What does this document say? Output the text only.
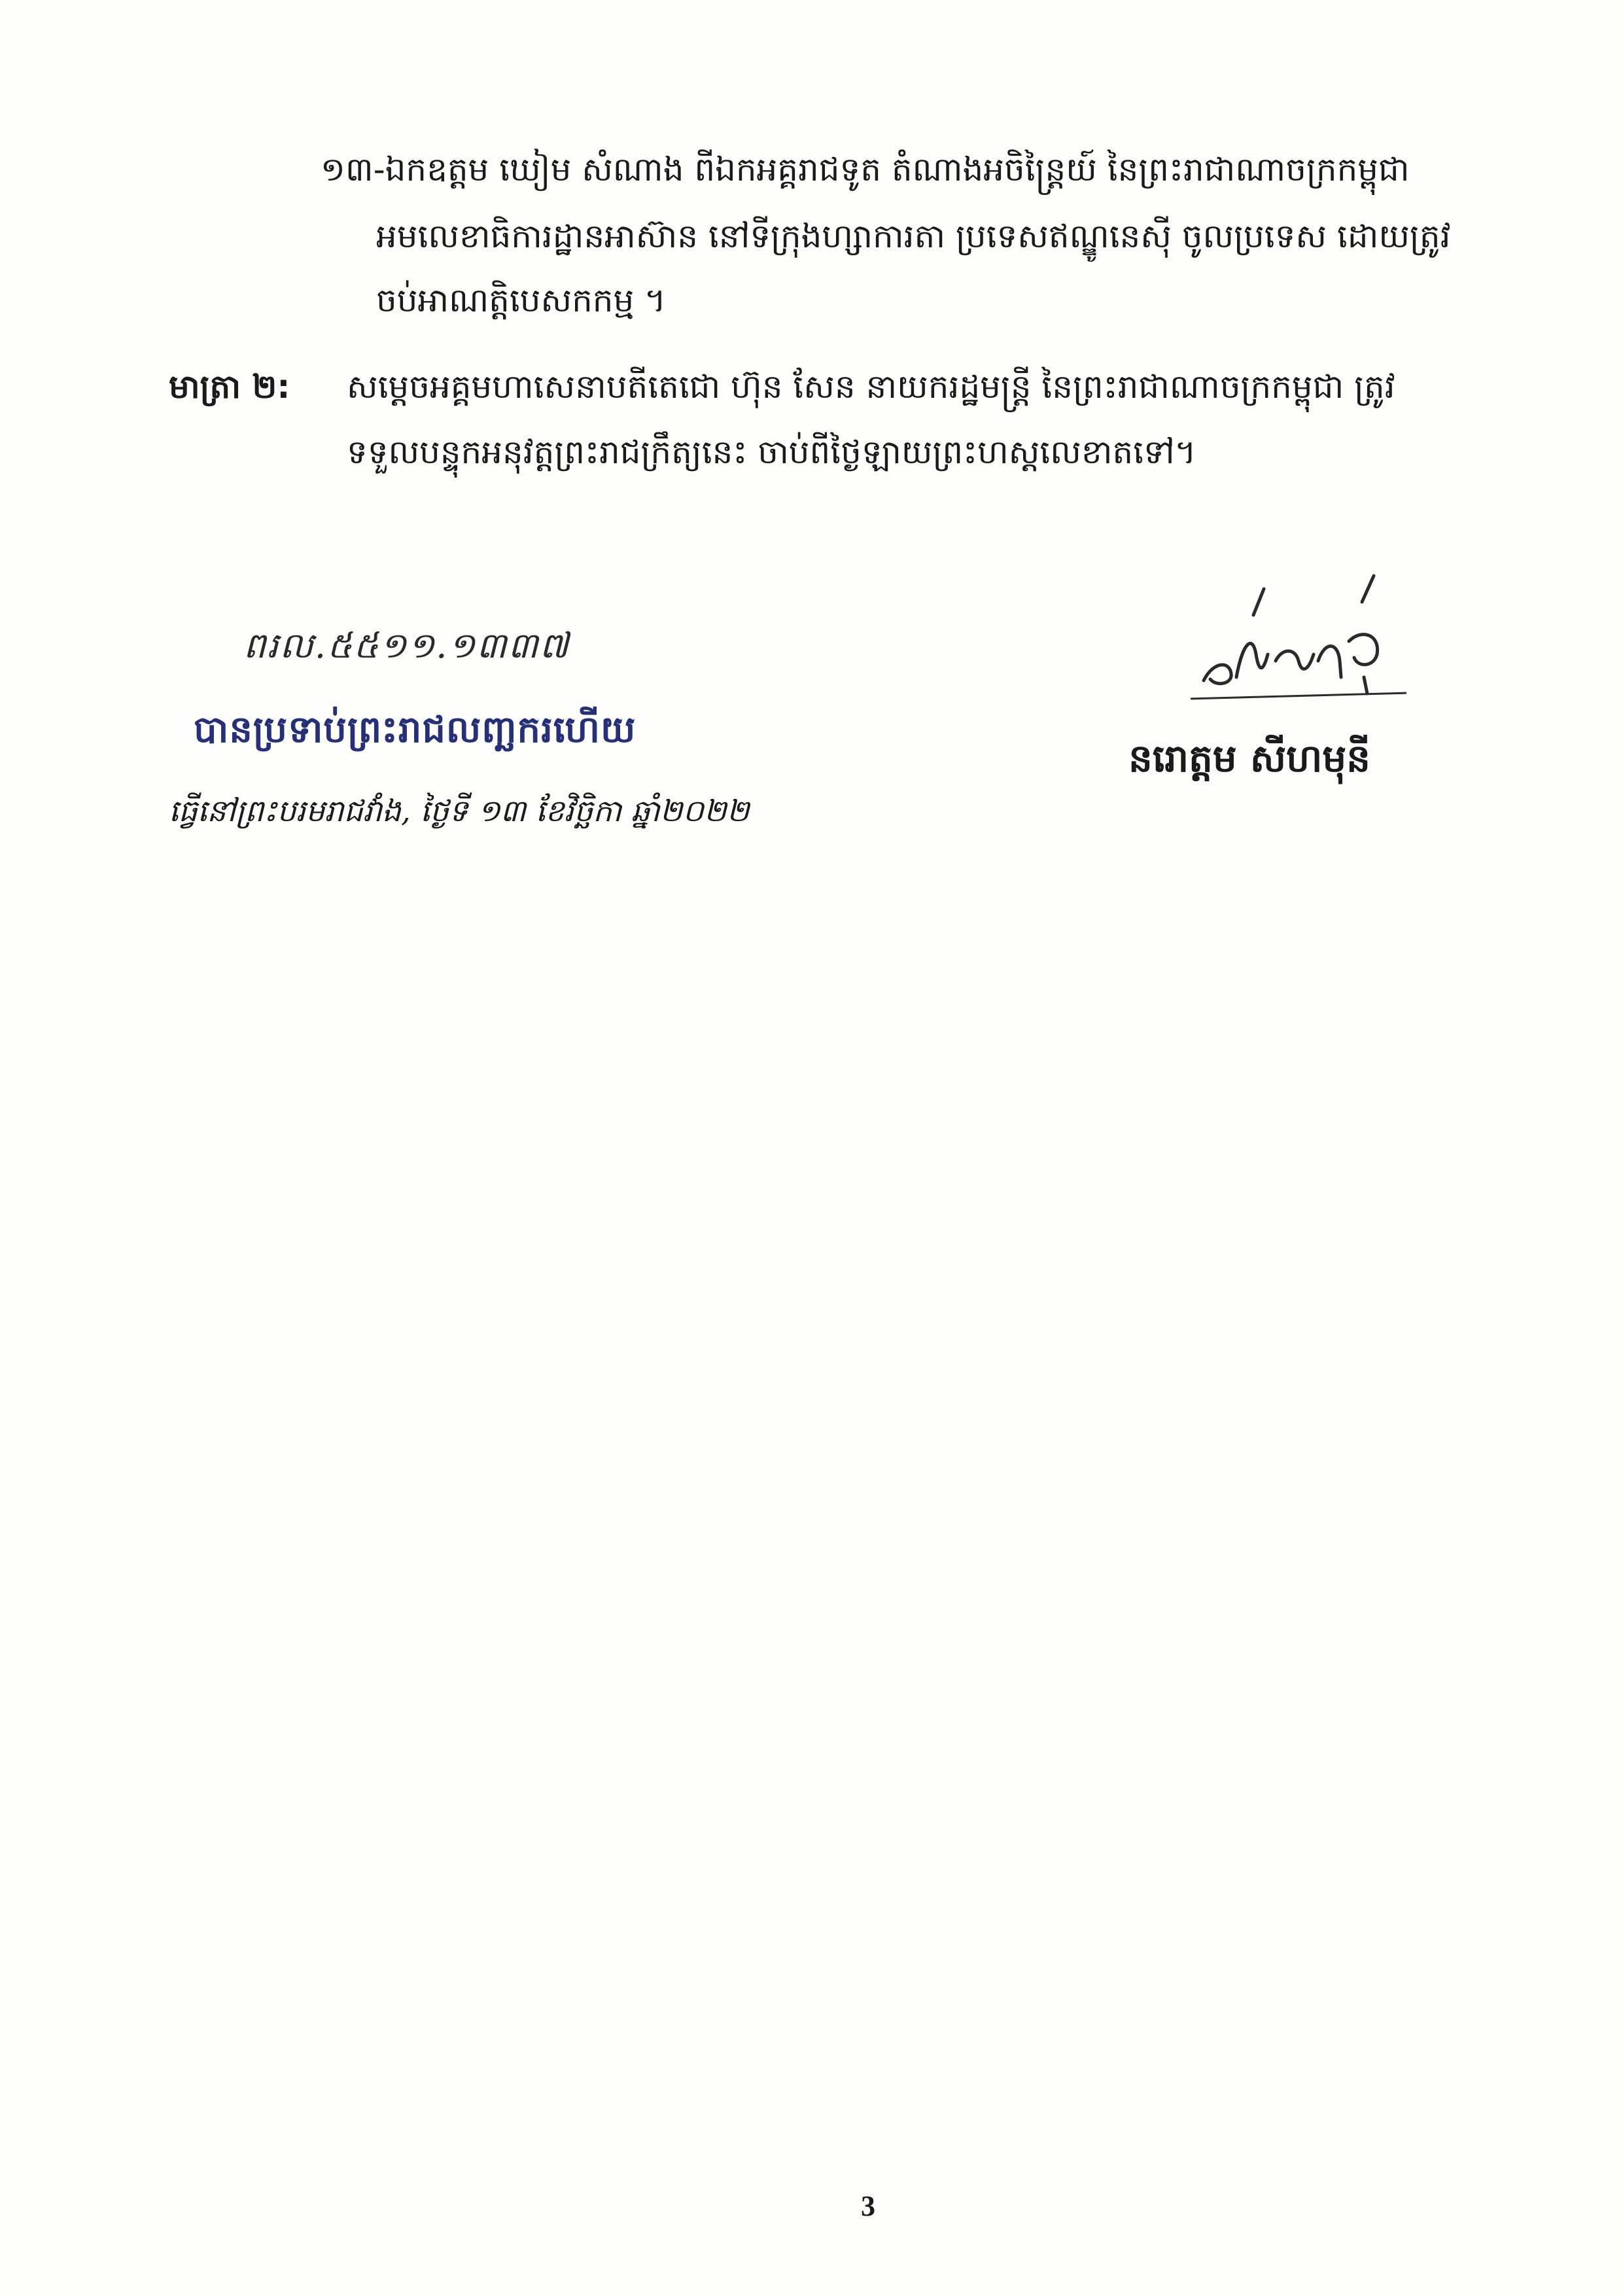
១៣-ឯកឧត្តម ឃៀម សំណាង ពីឯកអគ្គរាជទូត តំណាងអចិន្ត្រៃយ៍ នៃព្រះរាជាណាចក្រកម្ពុជា
អមលេខាធិការដ្ឋានអាស៊ាន នៅទីក្រុងហ្សាការតា ប្រទេសឥណ្ឌូនេស៊ី ចូលប្រទេស ដោយត្រូវ
ចប់អាណត្តិបេសកកម្ម ។
មាត្រា ២: សម្តេចអគ្គមហាសេនាបតីតេជោ ហ៊ុន សែន នាយករដ្ឋមន្ត្រី នៃព្រះរាជាណាចក្រកម្ពុជា ត្រូវ
ទទួលបន្ទុកអនុវត្តព្រះរាជក្រឹត្យនេះ ចាប់ពីថ្ងៃឡាយព្រះហស្តលេខាតទៅ។
ពរល.៥៥១១.១៣៣៧
បានប្រទាប់ព្រះរាជលញ្ឆករហើយ
ធ្វើនៅព្រះបរមរាជវាំង, ថ្ងៃទី ១៣ ខែវិច្ឆិកា ឆ្នាំ២០២២
នរោត្តម សីហមុនី
3
